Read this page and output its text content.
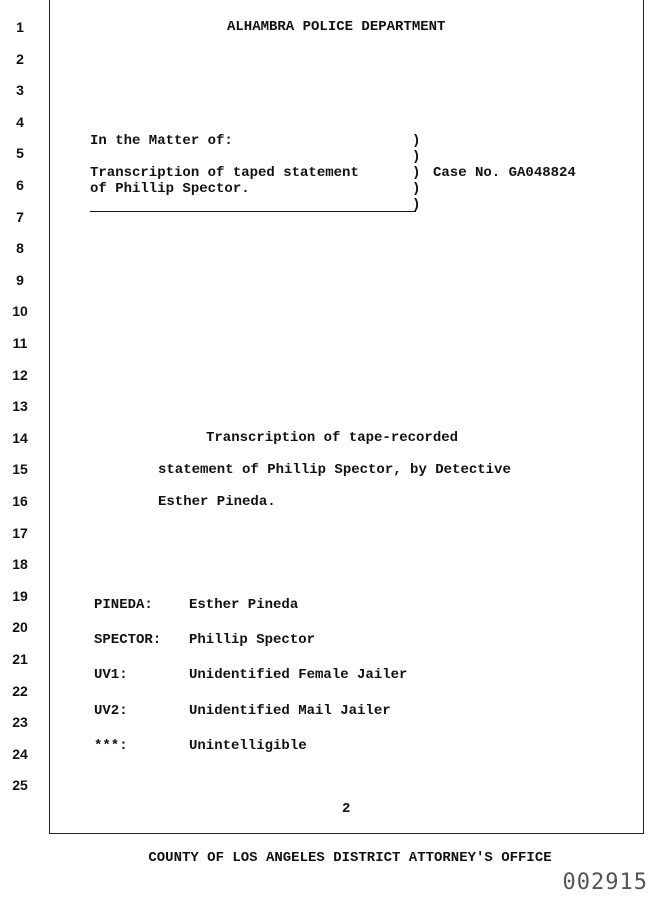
1
2
3
4
5
6
7
8
9
10
11
12
13
14
15
16
17
18
19
20
21
22
23
24
25
ALHAMBRA POLICE DEPARTMENT
In the Matter of:
Transcription of taped statement
of Phillip Spector.
)
)
)
)
)
Case No. GA048824
Transcription of tape-recorded
statement of Phillip Spector, by Detective
Esther Pineda.
PINEDA:	Esther Pineda
SPECTOR: Phillip Spector
UV1:	Unidentified Female Jailer
UV2:	Unidentified Mail Jailer
***:	Unintelligible
2
COUNTY OF LOS ANGELES DISTRICT ATTORNEY'S OFFICE
002915
